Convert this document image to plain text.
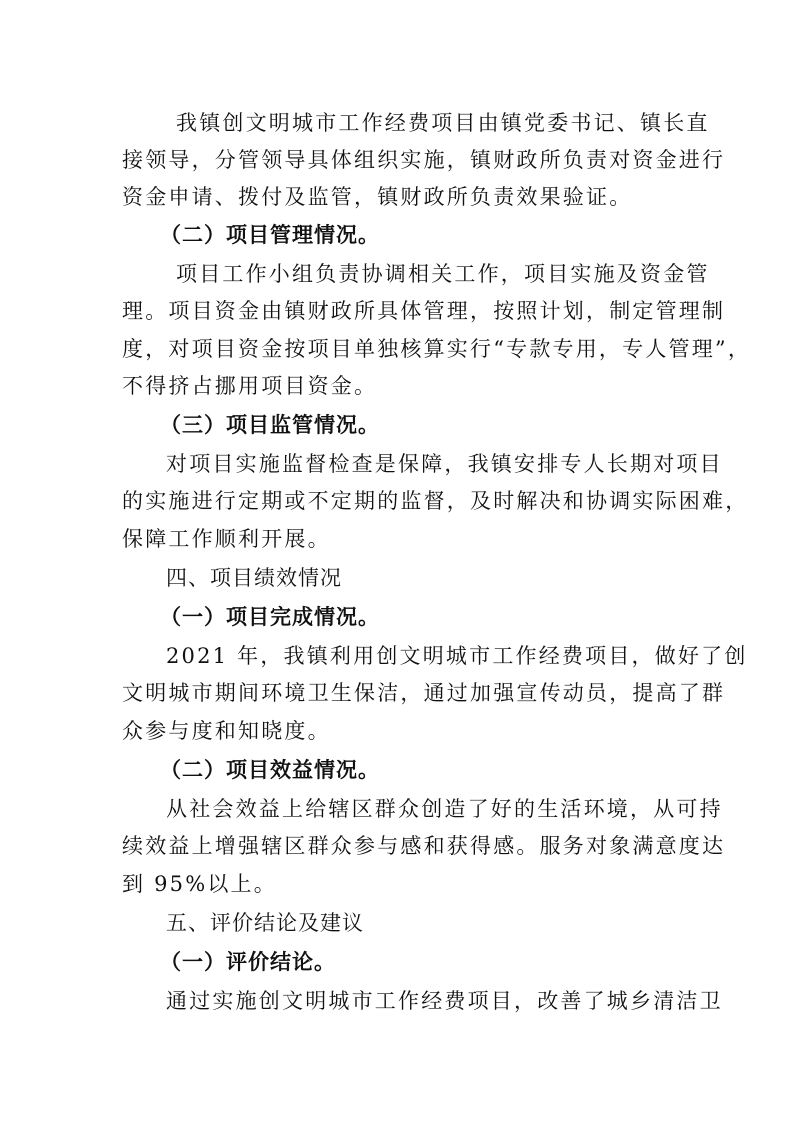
我镇创文明城市工作经费项目由镇党委书记、镇长直
接领导，分管领导具体组织实施，镇财政所负责对资金进行
资金申请、拨付及监管，镇财政所负责效果验证。
（二）项目管理情况。
项目工作小组负责协调相关工作，项目实施及资金管
理。项目资金由镇财政所具体管理，按照计划，制定管理制
度，对项目资金按项目单独核算实行“专款专用，专人管理”，
不得挤占挪用项目资金。
（三）项目监管情况。
对项目实施监督检查是保障，我镇安排专人长期对项目
的实施进行定期或不定期的监督，及时解决和协调实际困难，
保障工作顺利开展。
四、项目绩效情况
（一）项目完成情况。
2021 年，我镇利用创文明城市工作经费项目，做好了创
文明城市期间环境卫生保洁，通过加强宣传动员，提高了群
众参与度和知晓度。
（二）项目效益情况。
从社会效益上给辖区群众创造了好的生活环境，从可持
续效益上增强辖区群众参与感和获得感。服务对象满意度达
到 95%以上。
五、评价结论及建议
（一）评价结论。
通过实施创文明城市工作经费项目，改善了城乡清洁卫
